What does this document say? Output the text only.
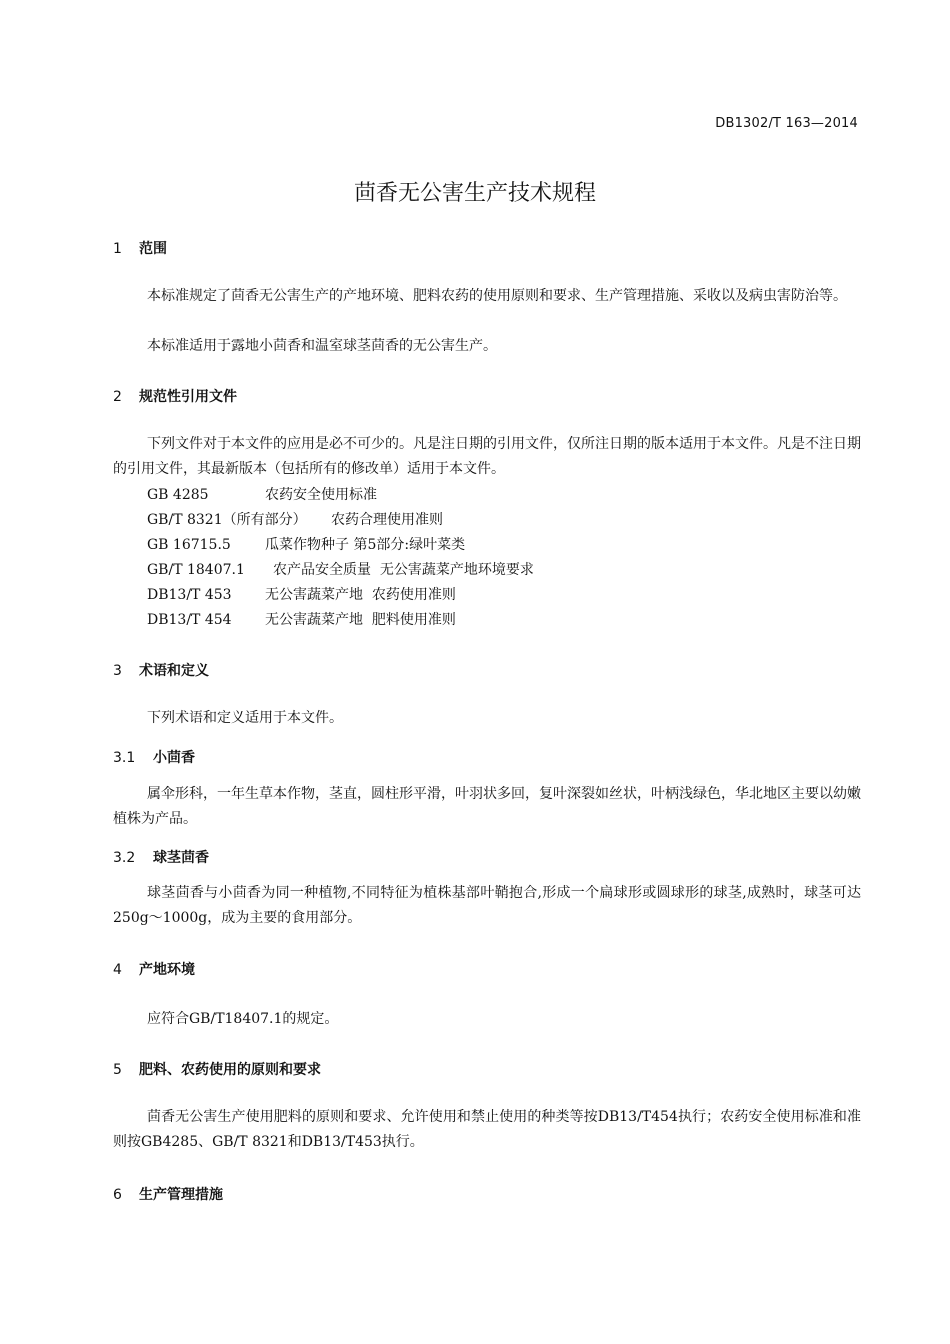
DB1302/T 163—2014
茴香无公害生产技术规程
1 范围
本标准规定了茴香无公害生产的产地环境、肥料农药的使用原则和要求、生产管理措施、采收以及病虫害防治等。
本标准适用于露地小茴香和温室球茎茴香的无公害生产。
2 规范性引用文件
下列文件对于本文件的应用是必不可少的。凡是注日期的引用文件，仅所注日期的版本适用于本文件。凡是不注日期的引用文件，其最新版本（包括所有的修改单）适用于本文件。
GB 4285	农药安全使用标准
GB/T 8321（所有部分） 农药合理使用准则
GB 16715.5 瓜菜作物种子 第5部分:绿叶菜类
GB/T 18407.1 农产品安全质量  无公害蔬菜产地环境要求
DB13/T 453 无公害蔬菜产地  农药使用准则
DB13/T 454 无公害蔬菜产地  肥料使用准则
3 术语和定义
下列术语和定义适用于本文件。
3.1 小茴香
属伞形科，一年生草本作物，茎直，圆柱形平滑，叶羽状多回，复叶深裂如丝状，叶柄浅绿色，华北地区主要以幼嫩植株为产品。
3.2 球茎茴香
球茎茴香与小茴香为同一种植物,不同特征为植株基部叶鞘抱合,形成一个扁球形或圆球形的球茎,成熟时，球茎可达250g～1000g，成为主要的食用部分。
4 产地环境
应符合GB/T18407.1的规定。
5 肥料、农药使用的原则和要求
茴香无公害生产使用肥料的原则和要求、允许使用和禁止使用的种类等按DB13/T454执行；农药安全使用标准和准则按GB4285、GB/T 8321和DB13/T453执行。
6 生产管理措施
